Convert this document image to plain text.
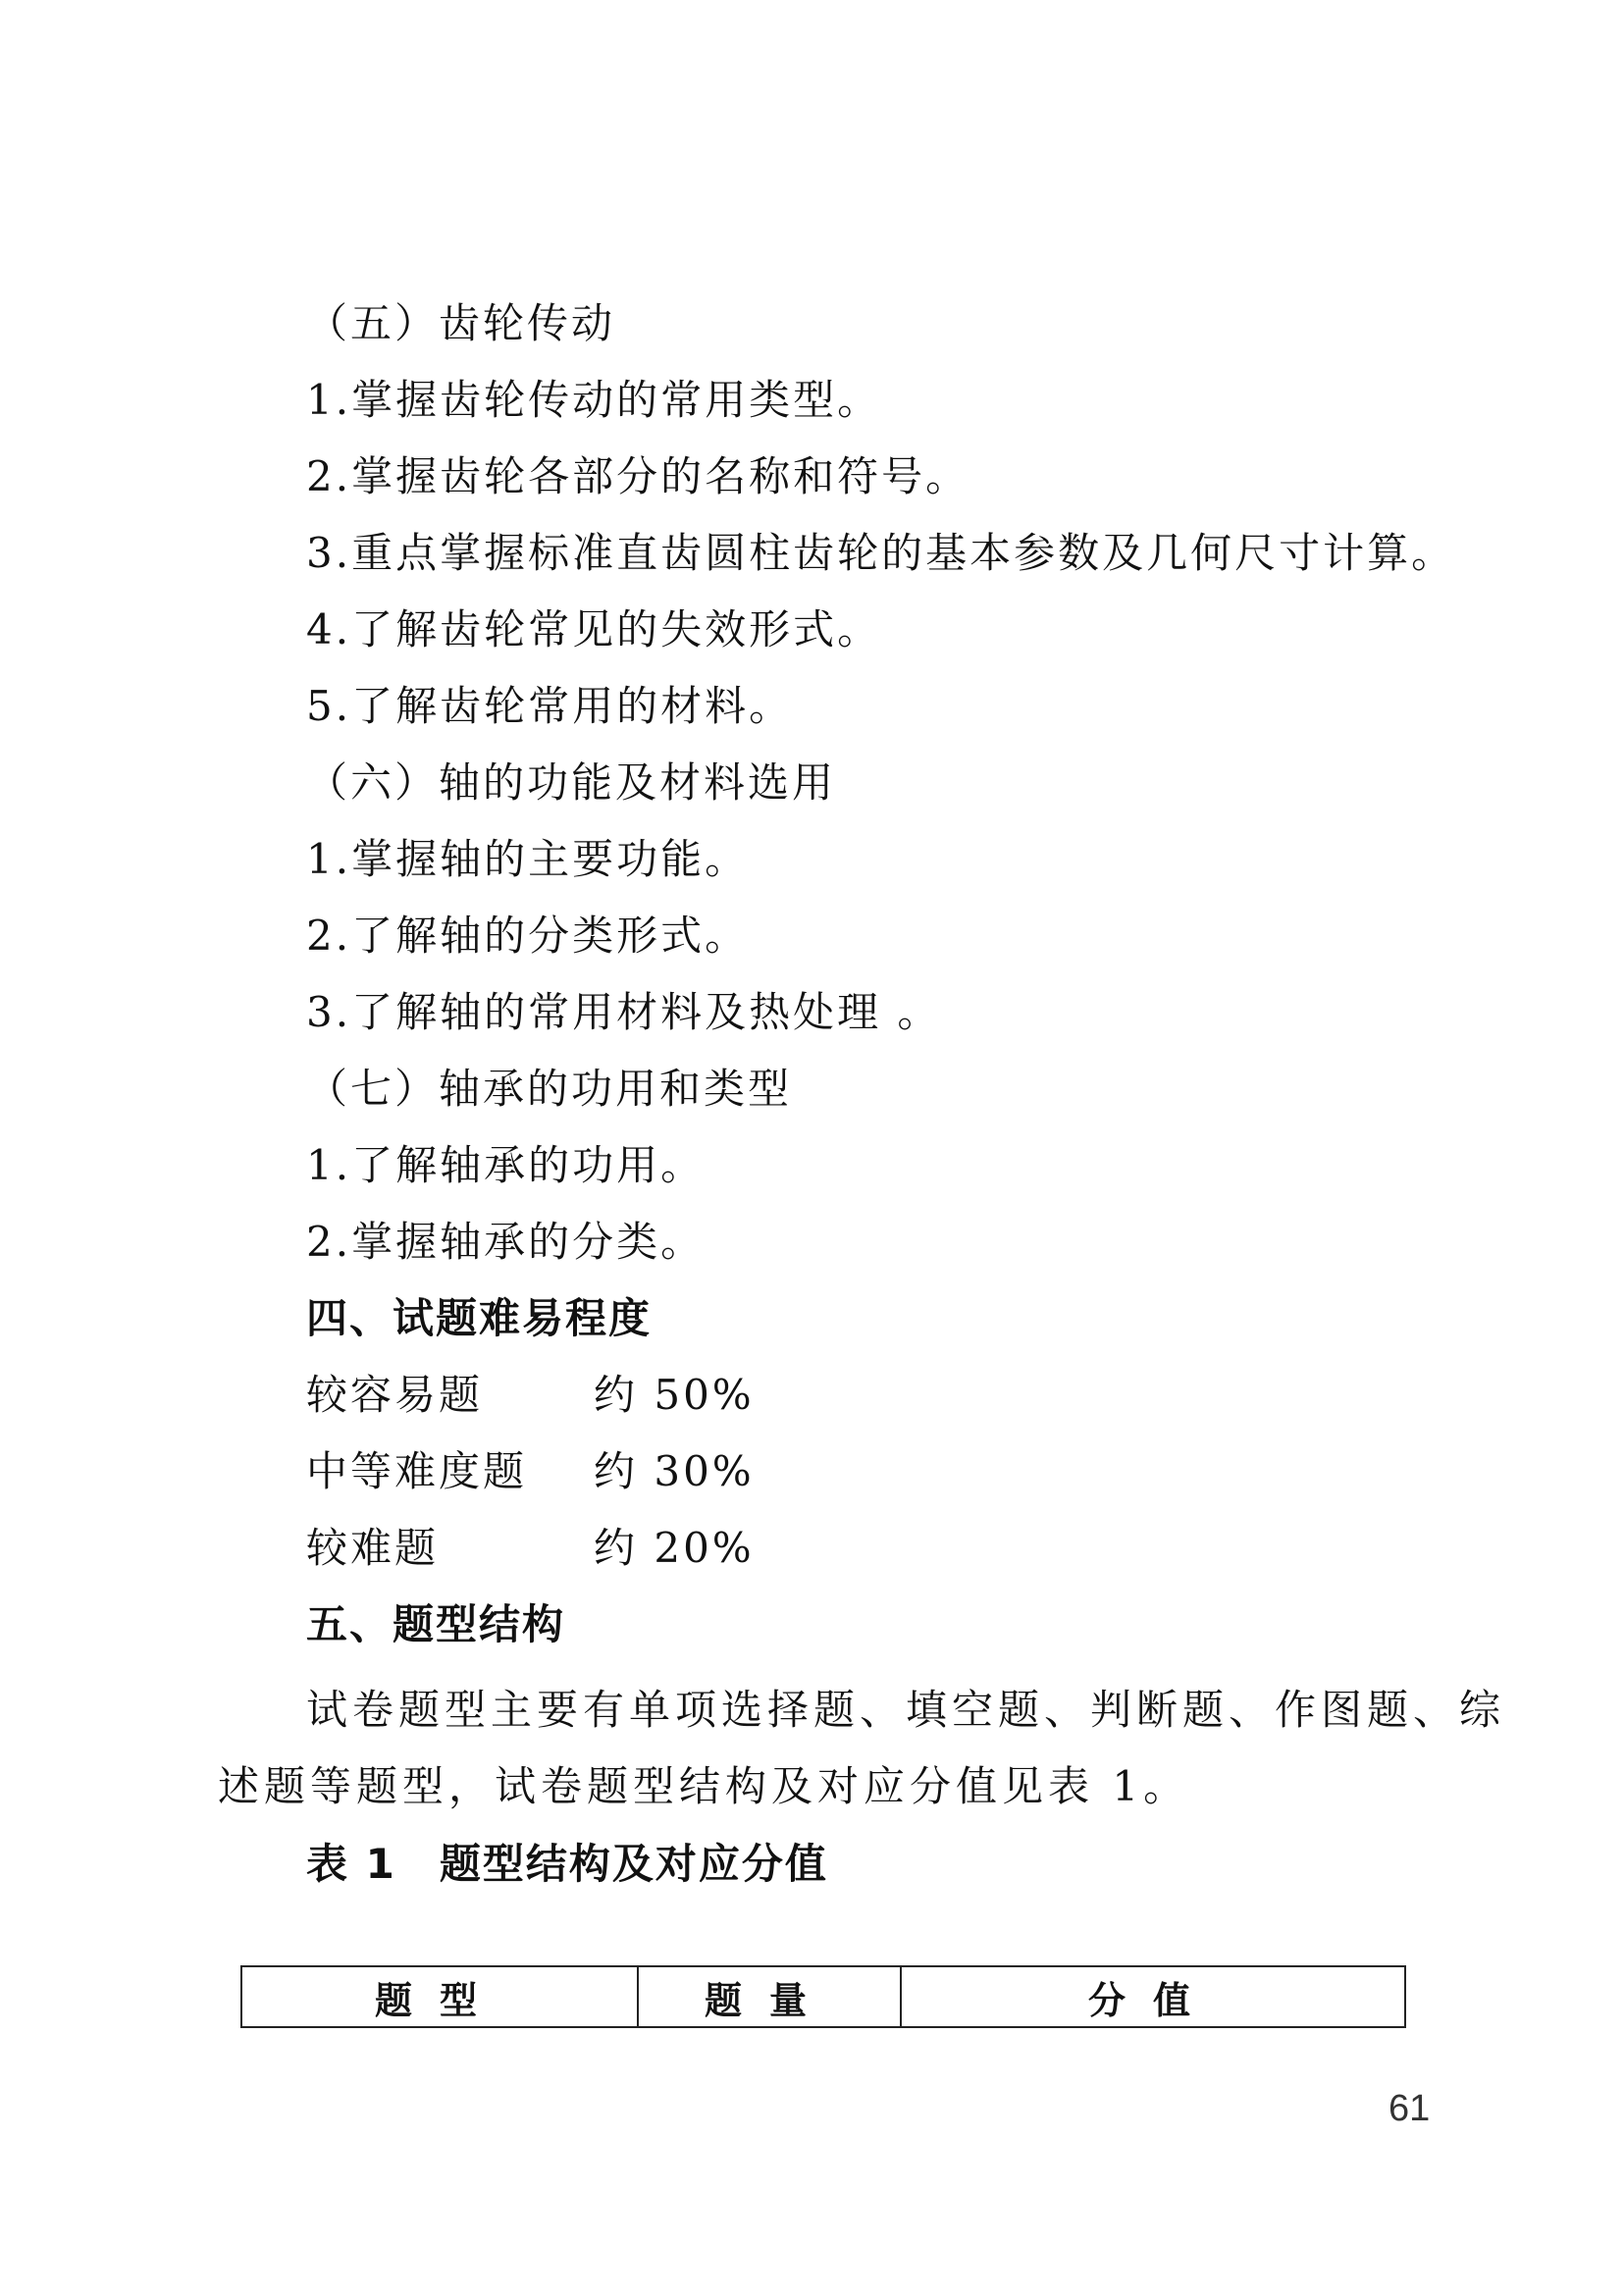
（五）齿轮传动
1.掌握齿轮传动的常用类型。
2.掌握齿轮各部分的名称和符号。
3.重点掌握标准直齿圆柱齿轮的基本参数及几何尺寸计算。
4.了解齿轮常见的失效形式。
5.了解齿轮常用的材料。
（六）轴的功能及材料选用
1.掌握轴的主要功能。
2.了解轴的分类形式。
3.了解轴的常用材料及热处理 。
（七）轴承的功用和类型
1.了解轴承的功用。
2.掌握轴承的分类。
四、试题难易程度
较容易题	约 50%
中等难度题 约 30%
较难题	约 20%
五、题型结构
试卷题型主要有单项选择题、填空题、判断题、作图题、综
述题等题型，试卷题型结构及对应分值见表 1。
表 1　题型结构及对应分值
题型	题量	分值
61
